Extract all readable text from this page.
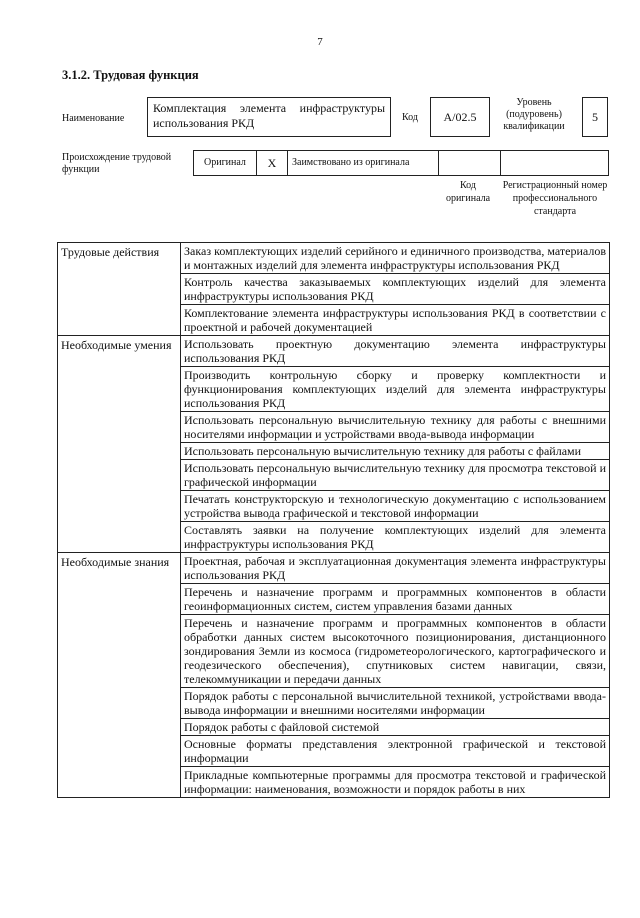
7
3.1.2. Трудовая функция
Наименование
Комплектация элемента инфраструктуры использования РКД	Код	А/02.5
Уровень (подуровень) квалификации
5
Происхождение трудовой функции
Оригинал	X	Заимствовано из оригинала
Код оригинала
Регистрационный номер профессионального стандарта
Трудовые действия	Заказ комплектующих изделий серийного и единичного производства, материалов и монтажных изделий для элемента инфраструктуры использования РКД
	Контроль качества заказываемых комплектующих изделий для элемента инфраструктуры использования РКД
	Комплектование элемента инфраструктуры использования РКД в соответствии с проектной и рабочей документацией
Необходимые умения	Использовать проектную документацию элемента инфраструктуры использования РКД
	Производить контрольную сборку и проверку комплектности и функционирования комплектующих изделий для элемента инфраструктуры использования РКД
	Использовать персональную вычислительную технику для работы с внешними носителями информации и устройствами ввода-вывода информации
	Использовать персональную вычислительную технику для работы с файлами
	Использовать персональную вычислительную технику для просмотра текстовой и графической информации
	Печатать конструкторскую и технологическую документацию с использованием устройства вывода графической и текстовой информации
	Составлять заявки на получение комплектующих изделий для элемента инфраструктуры использования РКД
Необходимые знания	Проектная, рабочая и эксплуатационная документация элемента инфраструктуры использования РКД
	Перечень и назначение программ и программных компонентов в области геоинформационных систем, систем управления базами данных
	Перечень и назначение программ и программных компонентов в области обработки данных систем высокоточного позиционирования, дистанционного зондирования Земли из космоса (гидрометеорологического, картографического и геодезического обеспечения), спутниковых систем навигации, связи, телекоммуникации и передачи данных
	Порядок работы с персональной вычислительной техникой, устройствами ввода-вывода информации и внешними носителями информации
	Порядок работы с файловой системой
	Основные форматы представления электронной графической и текстовой информации
	Прикладные компьютерные программы для просмотра текстовой и графической информации: наименования, возможности и порядок работы в них
